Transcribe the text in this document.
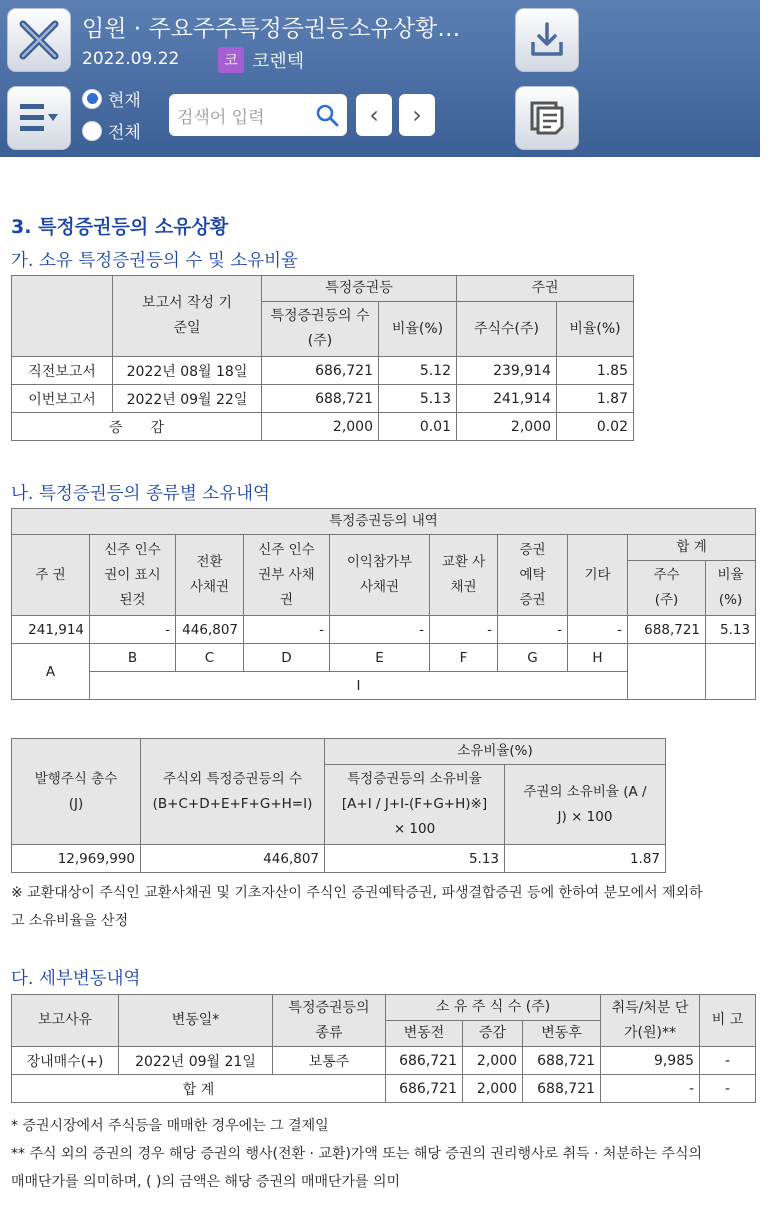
임원 · 주요주주특정증권등소유상황…
2022.09.22	코 코렌텍
현재
전체
검색어 입력	‹ ›
3. 특정증권등의 소유상황
가. 소유 특정증권등의 수 및 소유비율
	보고서 작성 기준일	특정증권등		주권	
		특정증권등의 수(주)	비율(%)	주식수(주)	비율(%)
직전보고서	2022년 08월 18일	686,721	5.12	239,914	1.85
이번보고서	2022년 09월 22일	688,721	5.13	241,914	1.87
증　　감		2,000	0.01	2,000	0.02
나. 특정증권등의 종류별 소유내역
특정증권등의 내역									
주 권	신주 인수권이 표시된것	전환 사채권	신주 인수권부 사채권	이익참가부 사채권	교환 사채권	증권 예탁 증권	기타	합 계	
								주수 (주)	비율 (%)
241,914	-	446,807	-	-	-	-	-	688,721	5.13
A	B	C	D	E	F	G	H		
	I								
발행주식 총수 (J)	주식외 특정증권등의 수 (B+C+D+E+F+G+H=I)	소유비율(%)	
		특정증권등의 소유비율 [A+I / J+I-(F+G+H)※] × 100	주권의 소유비율 (A / J) × 100
12,969,990	446,807	5.13	1.87
※ 교환대상이 주식인 교환사채권 및 기초자산이 주식인 증권예탁증권, 파생결합증권 등에 한하여 분모에서 제외하고 소유비율을 산정
다. 세부변동내역
보고사유	변동일*	특정증권등의 종류	소 유 주 식 수 (주)			취득/처분 단가(원)**	비 고
			변동전	증감	변동후		
장내매수(+)	2022년 09월 21일	보통주	686,721	2,000	688,721	9,985	-
합 계			686,721	2,000	688,721	-	-
* 증권시장에서 주식등을 매매한 경우에는 그 결제일
** 주식 외의 증권의 경우 해당 증권의 행사(전환 · 교환)가액 또는 해당 증권의 권리행사로 취득 · 처분하는 주식의 매매단가를 의미하며, ( )의 금액은 해당 증권의 매매단가를 의미
